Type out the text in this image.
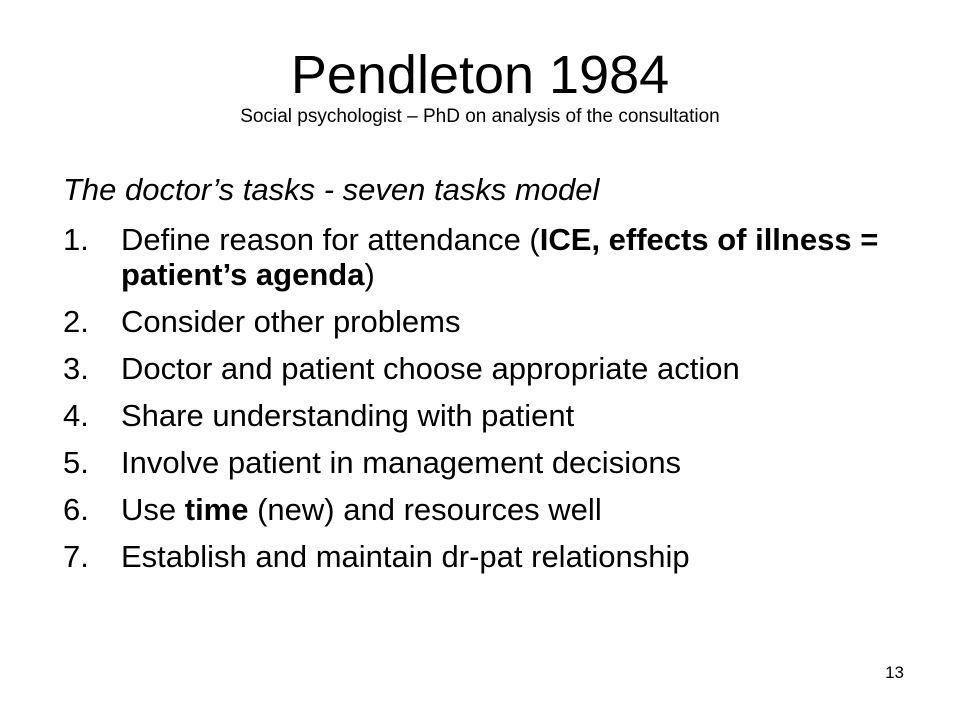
Pendleton 1984

Social psychologist – PhD on analysis of the consultation

The doctor’s tasks - seven tasks model

1. Define reason for attendance (ICE, effects of illness = patient’s agenda)
2. Consider other problems
3. Doctor and patient choose appropriate action
4. Share understanding with patient
5. Involve patient in management decisions
6. Use time (new) and resources well
7. Establish and maintain dr-pat relationship
13
